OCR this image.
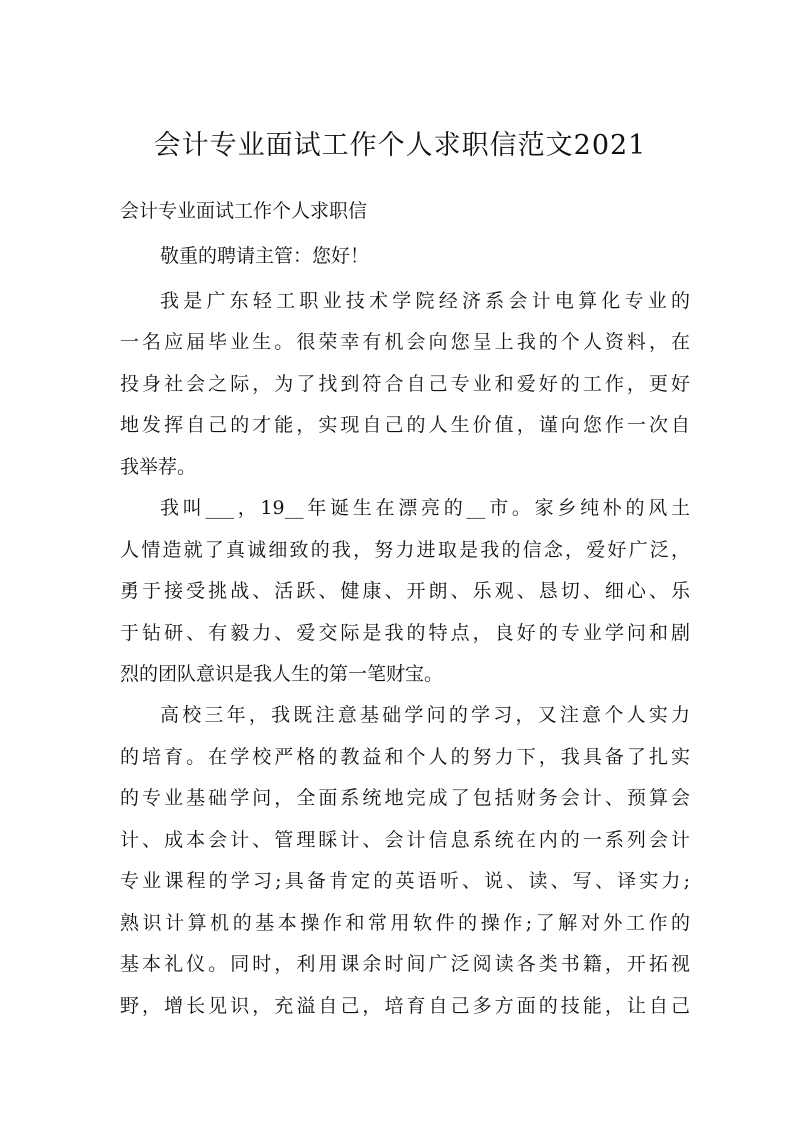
会计专业面试工作个人求职信范文2021
会计专业面试工作个人求职信
敬重的聘请主管：您好！
我是广东轻工职业技术学院经济系会计电算化专业的
一名应届毕业生。很荣幸有机会向您呈上我的个人资料，在
投身社会之际，为了找到符合自己专业和爱好的工作，更好
地发挥自己的才能，实现自己的人生价值，谨向您作一次自
我举荐。
我叫___，19__年诞生在漂亮的__市。家乡纯朴的风土
人情造就了真诚细致的我，努力进取是我的信念，爱好广泛，
勇于接受挑战、活跃、健康、开朗、乐观、恳切、细心、乐
于钻研、有毅力、爱交际是我的特点，良好的专业学问和剧
烈的团队意识是我人生的第一笔财宝。
高校三年，我既注意基础学问的学习，又注意个人实力
的培育。在学校严格的教益和个人的努力下，我具备了扎实
的专业基础学问，全面系统地完成了包括财务会计、预算会
计、成本会计、管理睬计、会计信息系统在内的一系列会计
专业课程的学习;具备肯定的英语听、说、读、写、译实力;
熟识计算机的基本操作和常用软件的操作;了解对外工作的
基本礼仪。同时，利用课余时间广泛阅读各类书籍，开拓视
野，增长见识，充溢自己，培育自己多方面的技能，让自己
